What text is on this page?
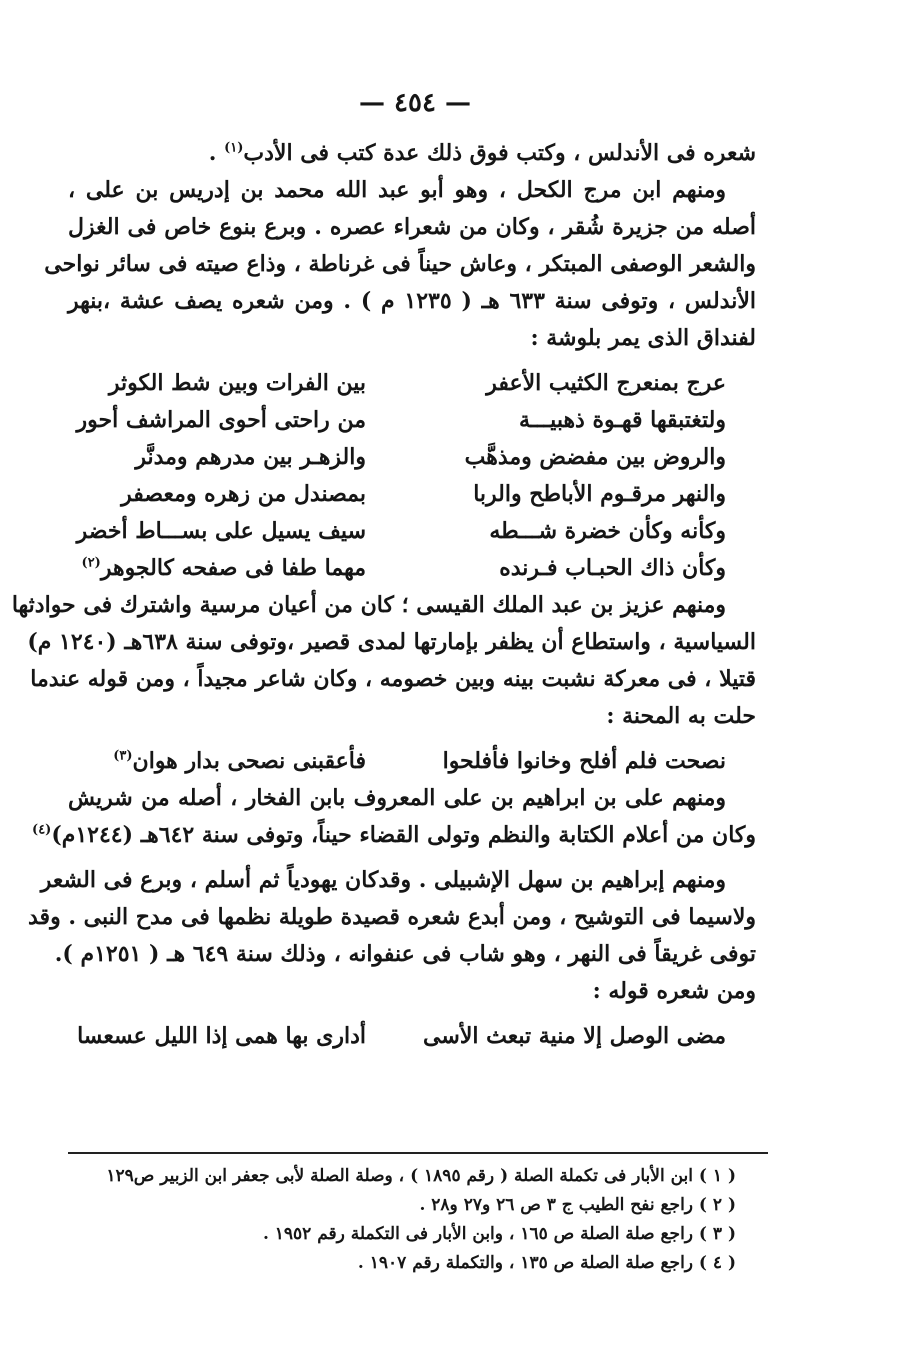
— ٤٥٤ —
شعره فى الأندلس ، وكتب فوق ذلك عدة كتب فى الأدب$^{(١)}$ .
ومنهم ابن مرج الكحل ، وهو أبو عبد الله محمد بن إدريس بن على ،
أصله من جزيرة شُقر ، وكان من شعراء عصره . وبرع بنوع خاص فى الغزل
والشعر الوصفى المبتكر ، وعاش حيناً فى غرناطة ، وذاع صيته فى سائر نواحى
الأندلس ، وتوفى سنة ٦٣٣ هـ ( ١٢٣٥ م ) . ومن شعره يصف عشة ،بنهر
لفنداق الذى يمر بلوشة :
عرج بمنعرج الكثيب الأعفر
بين الفرات وبين شط الكوثر
ولتغتبقها قهـوة ذهبيـــة
من راحتى أحوى المراشف أحور
والروض بين مفضض ومذهَّب
والزهـر بين مدرهم ومدنَّر
والنهر مرقـوم الأباطح والربا
بمصندل من زهره ومعصفر
وكأنه وكأن خضرة شـــطه
سيف يسيل على بســـاط أخضر
وكأن ذاك الحبـاب فـرنده
مهما طفا فى صفحه كالجوهر$^{(٢)}$
ومنهم عزيز بن عبد الملك القيسى ؛ كان من أعيان مرسية واشترك فى حوادثها
السياسية ، واستطاع أن يظفر بإمارتها لمدى قصير ،وتوفى سنة ٦٣٨هـ (١٢٤٠ م)
قتيلا ، فى معركة نشبت بينه وبين خصومه ، وكان شاعر مجيداً ، ومن قوله عندما
حلت به المحنة :
نصحت فلم أفلح وخانوا فأفلحوا
فأعقبنى نصحى بدار هوان$^{(٣)}$
ومنهم على بن ابراهيم بن على المعروف بابن الفخار ، أصله من شريش
وكان من أعلام الكتابة والنظم وتولى القضاء حيناً، وتوفى سنة ٦٤٢هـ (١٢٤٤م)$^{(٤)}$
ومنهم إبراهيم بن سهل الإشبيلى . وقدكان يهودياً ثم أسلم ، وبرع فى الشعر
ولاسيما فى التوشيح ، ومن أبدع شعره قصيدة طويلة نظمها فى مدح النبى . وقد
توفى غريقاً فى النهر ، وهو شاب فى عنفوانه ، وذلك سنة ٦٤٩ هـ ( ١٢٥١م ).
ومن شعره قوله :
مضى الوصل إلا منية تبعث الأسى
أدارى بها همى إذا الليل عسعسا
( ١ ) ابن الأبار فى تكملة الصلة ( رقم ١٨٩٥ ) ، وصلة الصلة لأبى جعفر ابن الزبير ص١٢٩
( ٢ ) راجع نفح الطيب ج ٣ ص ٢٦ و٢٧ و٢٨ .
( ٣ ) راجع صلة الصلة ص ١٦٥ ، وابن الأبار فى التكملة رقم ١٩٥٢ .
( ٤ ) راجع صلة الصلة ص ١٣٥ ، والتكملة رقم ١٩٠٧ .
